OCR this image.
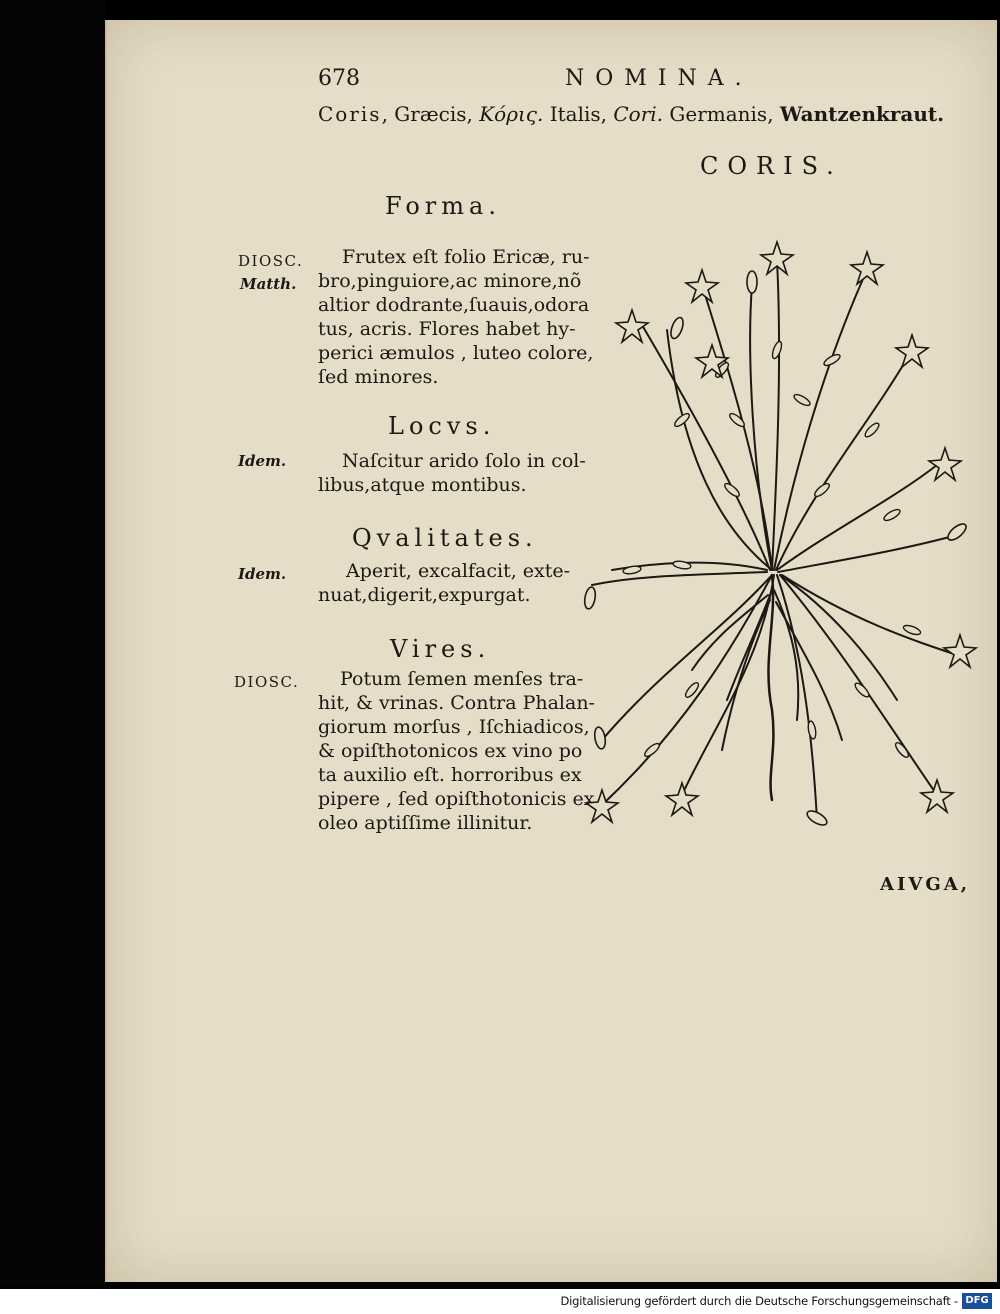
678	NOMINA.
Coris, Græcis, Κόρις. Italis, Cori. Germanis, Wantzenkraut.
CORIS.
Forma.
DIOSC.
Matth.
Frutex eſt folio Ericæ, ru-
bro,pinguiore,ac minore,nõ
altior dodrante,ſuauis,odora
tus, acris. Flores habet hy-
perici æmulos , luteo colore,
ſed minores.
Locvs.
Idem.	Naſcitur arido ſolo in col-
libus,atque montibus.
Qvalitates.
Idem.	Aperit, excalfacit, exte-
nuat,digerit,expurgat.
Vires.
DIOSC. Potum ſemen menſes tra-
hit, & vrinas. Contra Phalan-
giorum morſus , Iſchiadicos,
& opiſthotonicos ex vino po
ta auxilio eſt. horroribus ex
pipere , ſed opiſthotonicis ex
oleo aptiſſime illinitur.
AIVGA,
Digitalisierung gefördert durch die Deutsche Forschungsgemeinschaft - DFG
